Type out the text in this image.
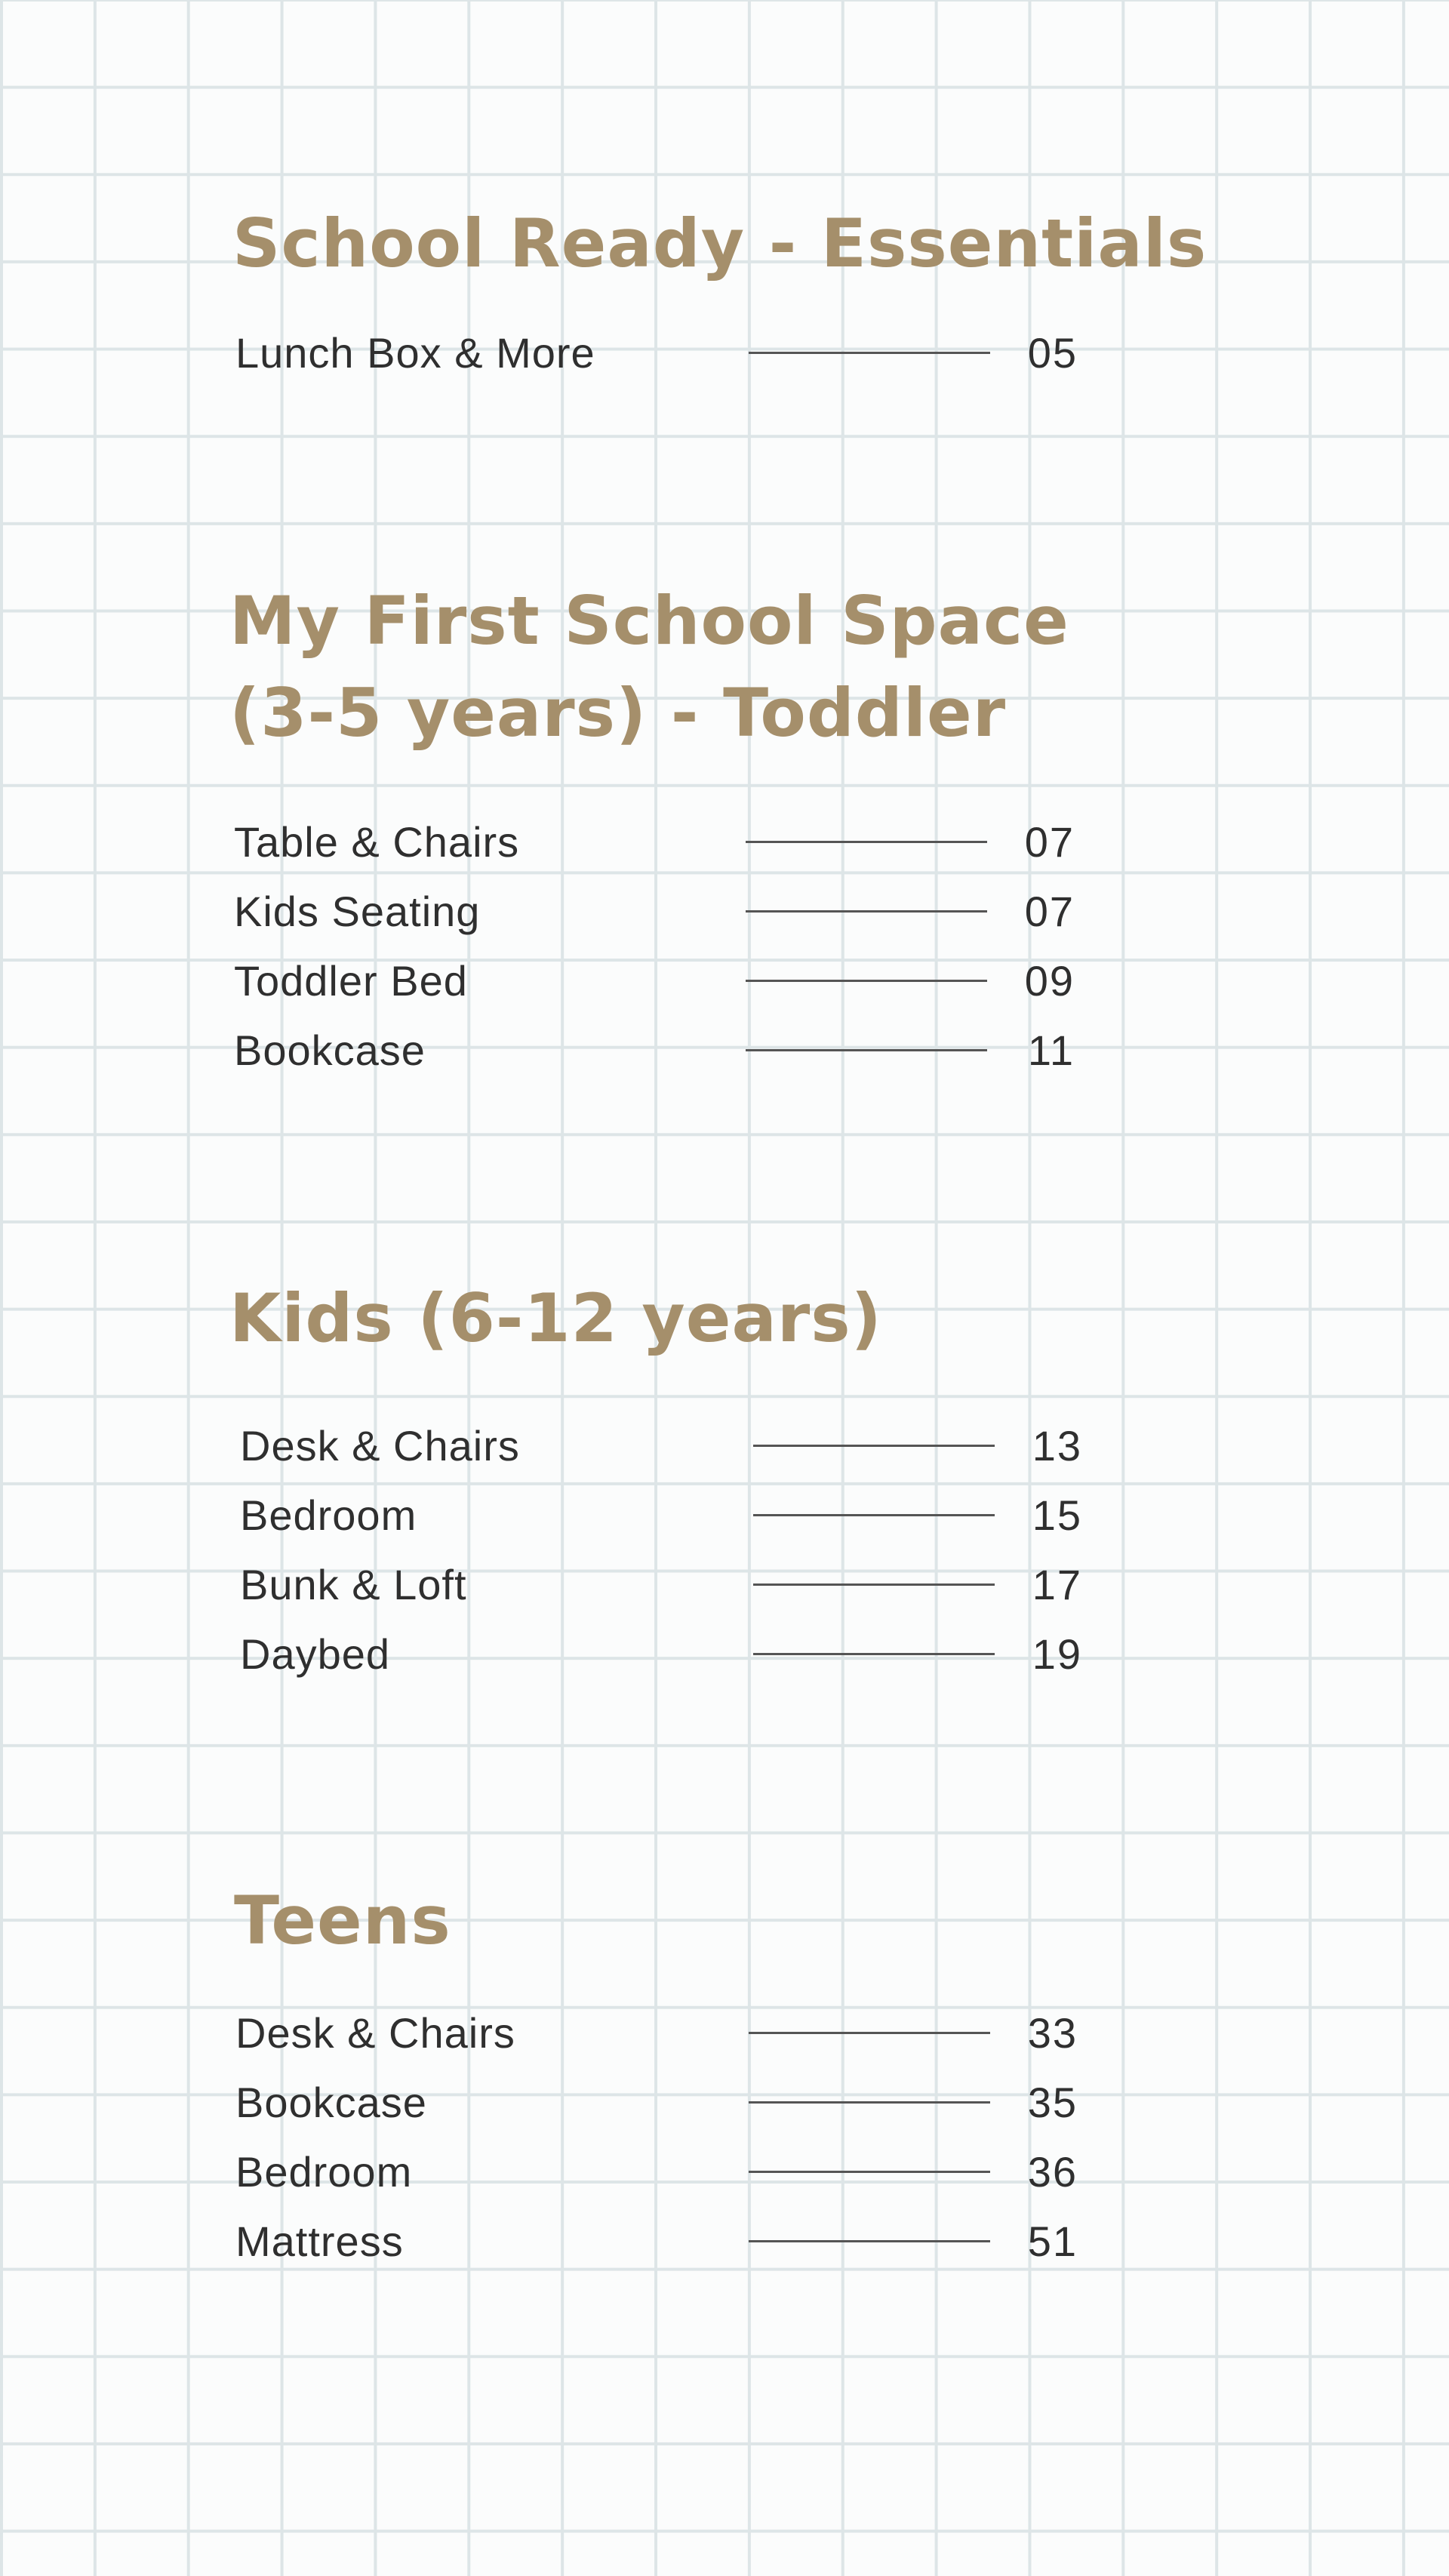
School Ready - Essentials
Lunch Box & More	05
My First School Space
(3-5 years) - Toddler
Table & Chairs	07
Kids Seating	07
Toddler Bed	09
Bookcase	11
Kids (6-12 years)
Desk & Chairs	13
Bedroom	15
Bunk & Loft	17
Daybed	19
Teens
Desk & Chairs	33
Bookcase	35
Bedroom	36
Mattress	51
